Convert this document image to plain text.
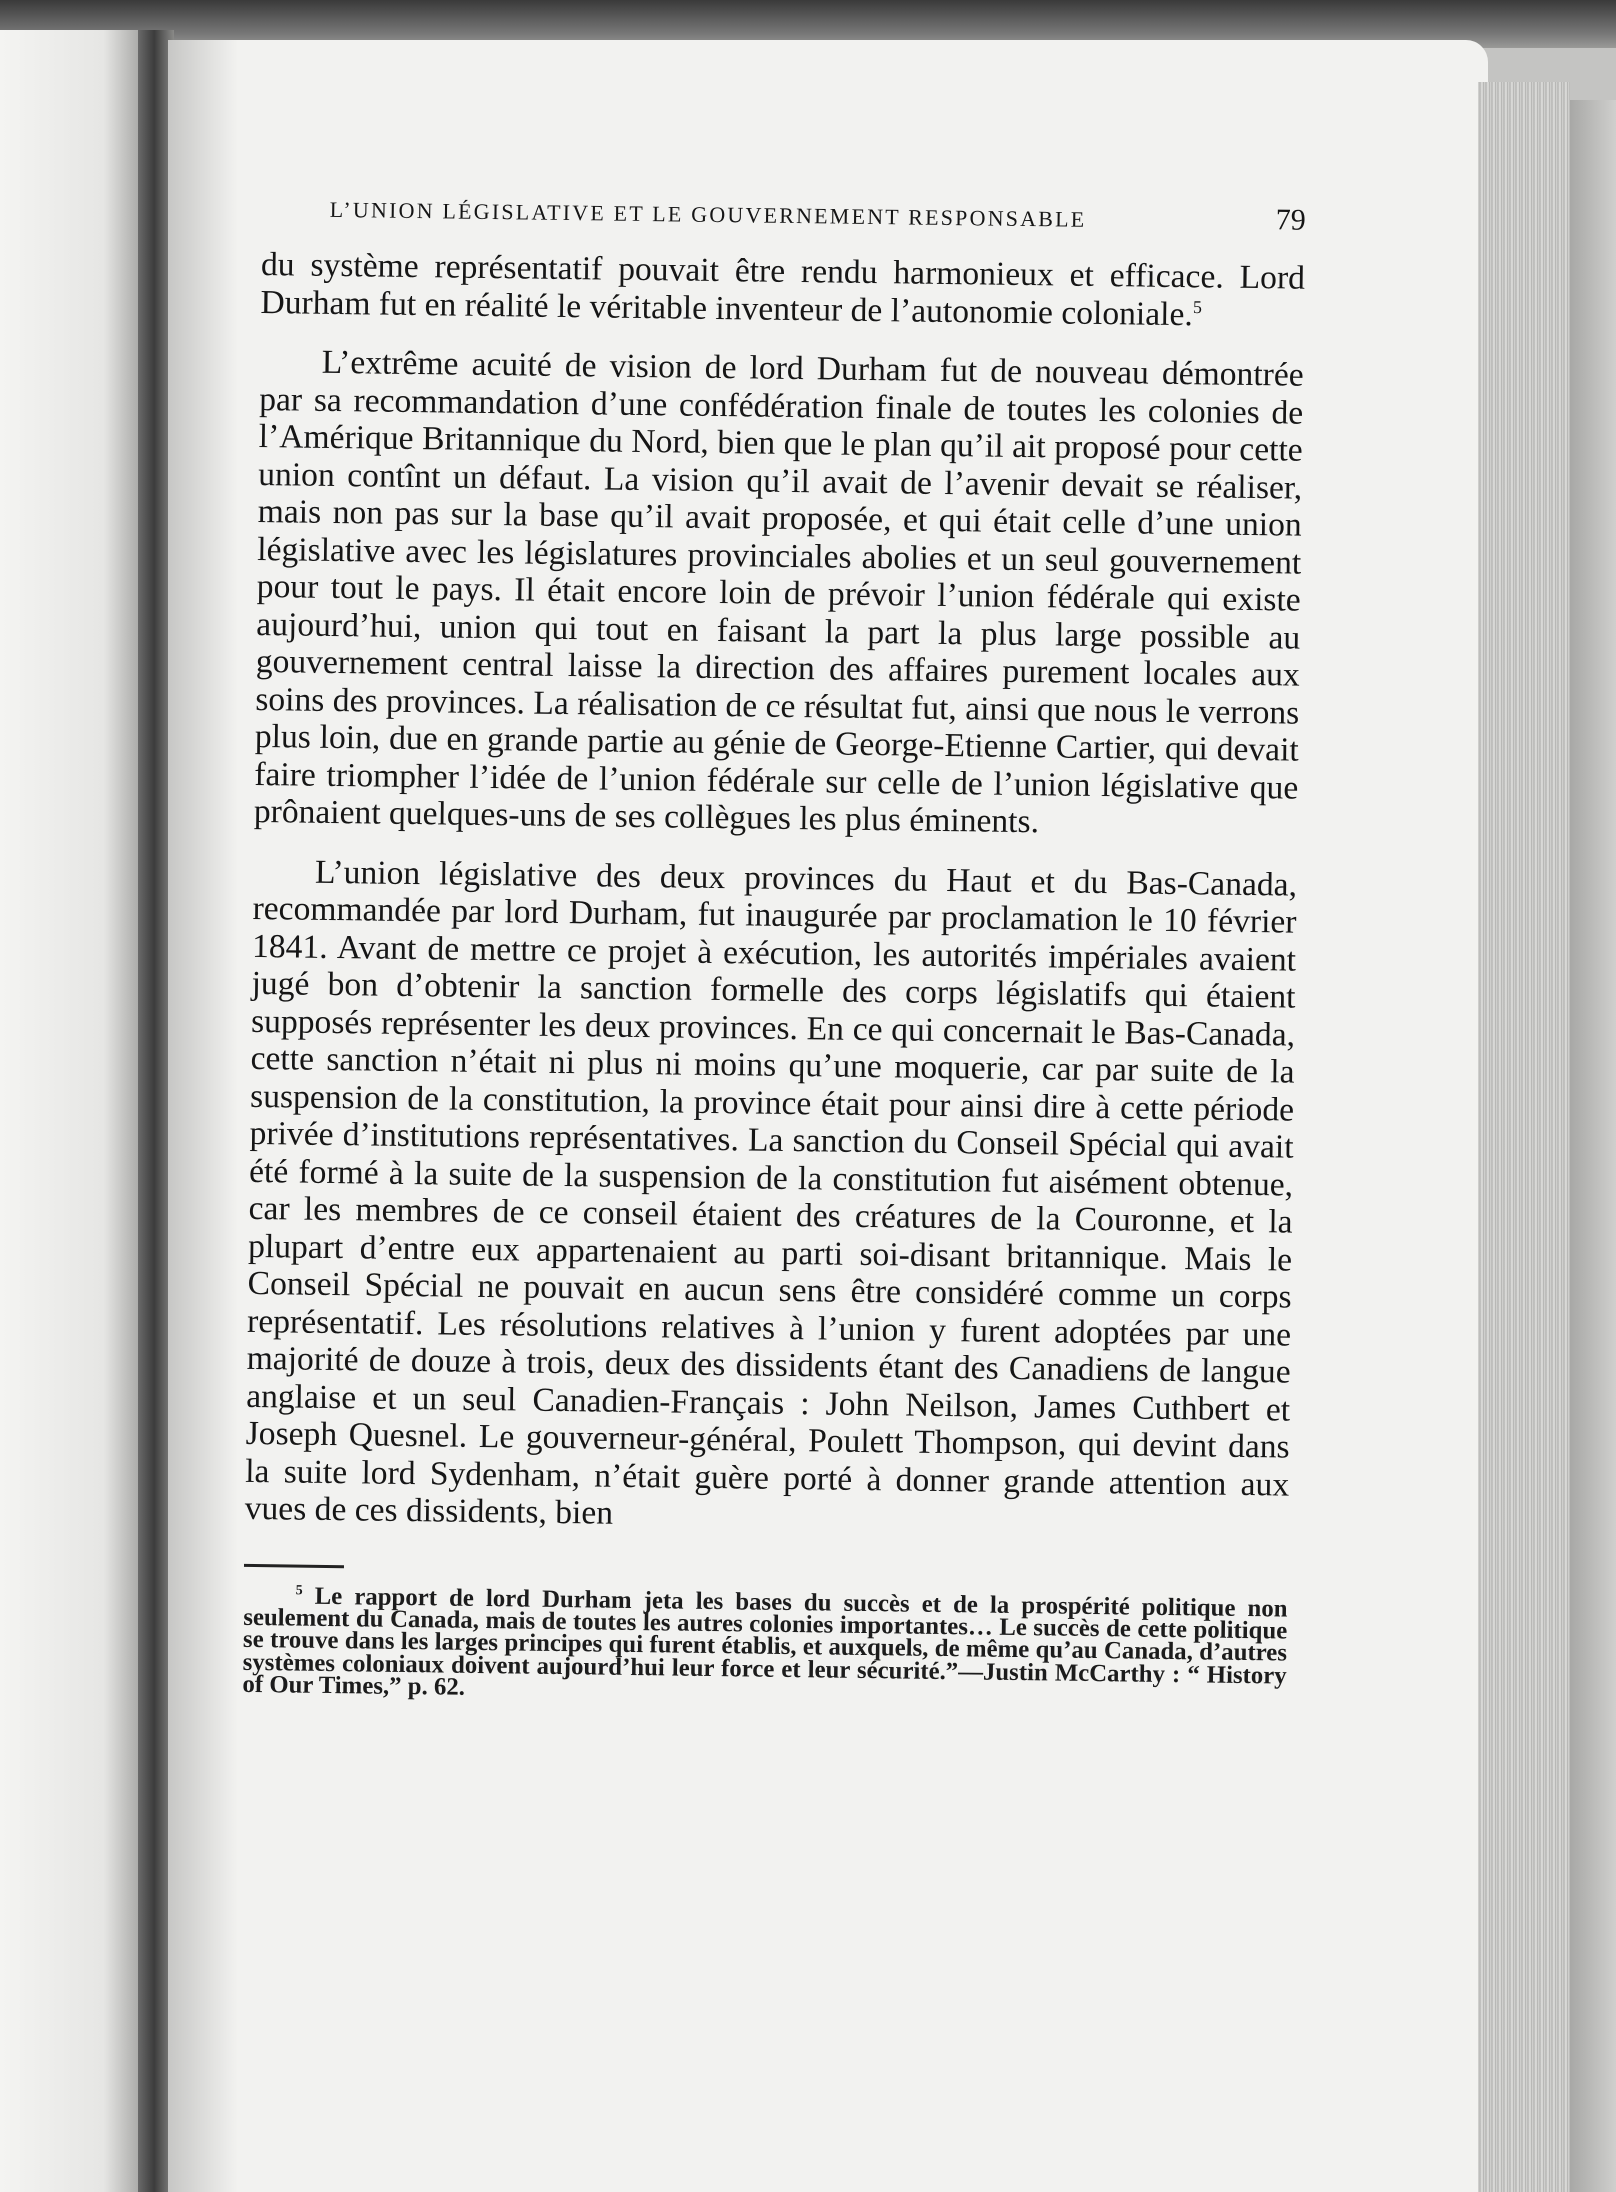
L’UNION LÉGISLATIVE ET LE GOUVERNEMENT RESPONSABLE	79

du système représentatif pouvait être rendu harmonieux et efficace. Lord Durham fut en réalité le véritable inventeur de l’autonomie coloniale.$^5$

L’extrême acuité de vision de lord Durham fut de nouveau démontrée par sa recommandation d’une confédération finale de toutes les colonies de l’Amérique Britannique du Nord, bien que le plan qu’il ait proposé pour cette union contînt un défaut. La vision qu’il avait de l’avenir devait se réaliser, mais non pas sur la base qu’il avait proposée, et qui était celle d’une union législative avec les législatures provinciales abolies et un seul gouvernement pour tout le pays. Il était encore loin de prévoir l’union fédérale qui existe aujourd’hui, union qui tout en faisant la part la plus large possible au gouvernement central laisse la direction des affaires purement locales aux soins des provinces. La réalisation de ce résultat fut, ainsi que nous le verrons plus loin, due en grande partie au génie de George-Etienne Cartier, qui devait faire triompher l’idée de l’union fédérale sur celle de l’union législative que prônaient quelques-uns de ses collègues les plus éminents.

L’union législative des deux provinces du Haut et du Bas-Canada, recommandée par lord Durham, fut inaugurée par proclamation le 10 février 1841. Avant de mettre ce projet à exécution, les autorités impériales avaient jugé bon d’obtenir la sanction formelle des corps législatifs qui étaient supposés représenter les deux provinces. En ce qui concernait le Bas-Canada, cette sanction n’était ni plus ni moins qu’une moquerie, car par suite de la suspension de la constitution, la province était pour ainsi dire à cette période privée d’institutions représentatives. La sanction du Conseil Spécial qui avait été formé à la suite de la suspension de la constitution fut aisément obtenue, car les membres de ce conseil étaient des créatures de la Couronne, et la plupart d’entre eux appartenaient au parti soi-disant britannique. Mais le Conseil Spécial ne pouvait en aucun sens être considéré comme un corps représentatif. Les résolutions relatives à l’union y furent adoptées par une majorité de douze à trois, deux des dissidents étant des Canadiens de langue anglaise et un seul Canadien-Français : John Neilson, James Cuthbert et Joseph Quesnel. Le gouverneur-général, Poulett Thompson, qui devint dans la suite lord Sydenham, n’était guère porté à donner grande attention aux vues de ces dissidents, bien

$^5$ Le rapport de lord Durham jeta les bases du succès et de la prospérité politique non seulement du Canada, mais de toutes les autres colonies importantes… Le succès de cette politique se trouve dans les larges principes qui furent établis, et auxquels, de même qu’au Canada, d’autres systèmes coloniaux doivent aujourd’hui leur force et leur sécurité.”—Justin McCarthy : “ History of Our Times,” p. 62.
